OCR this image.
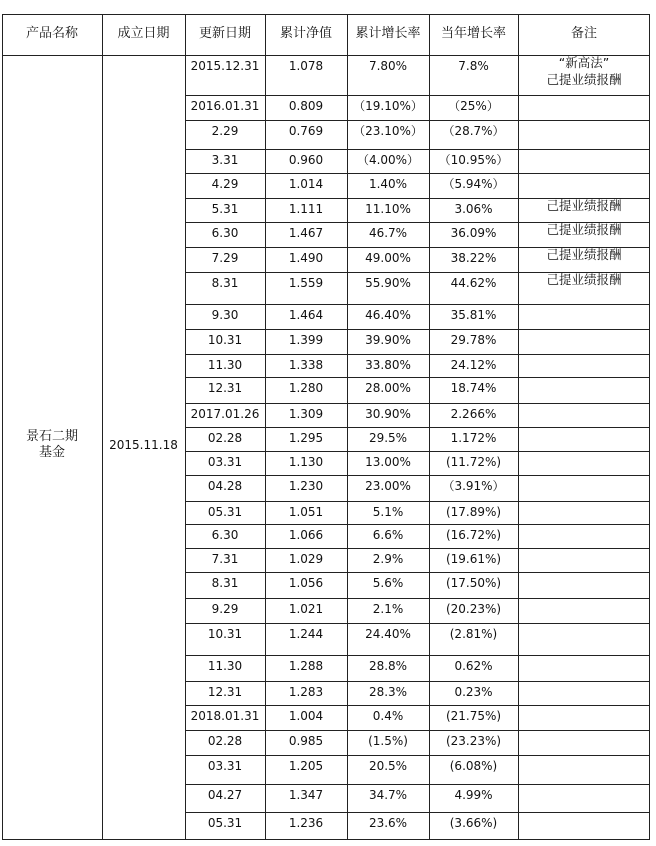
产品名称	成立日期	更新日期	累计净值	累计增长率	当年增长率	备注
景石二期
基金	2015.11.18
2015.12.31	1.078	7.80%	7.8%	“新高法”
己提业绩报酬
2016.01.31	0.809	（19.10%）	（25%）
2.29	0.769	（23.10%）	（28.7%）
3.31	0.960	（4.00%）	（10.95%）
4.29	1.014	1.40%	（5.94%）
5.31	1.111	11.10%	3.06%	己提业绩报酬
6.30	1.467	46.7%	36.09%	己提业绩报酬
7.29	1.490	49.00%	38.22%	己提业绩报酬
8.31	1.559	55.90%	44.62%	己提业绩报酬
9.30	1.464	46.40%	35.81%
10.31	1.399	39.90%	29.78%
11.30	1.338	33.80%	24.12%
12.31	1.280	28.00%	18.74%
2017.01.26	1.309	30.90%	2.266%
02.28	1.295	29.5%	1.172%
03.31	1.130	13.00%	(11.72%)
04.28	1.230	23.00%	（3.91%）
05.31	1.051	5.1%	(17.89%)
6.30	1.066	6.6%	(16.72%)
7.31	1.029	2.9%	(19.61%)
8.31	1.056	5.6%	(17.50%)
9.29	1.021	2.1%	(20.23%)
10.31	1.244	24.40%	(2.81%)
11.30	1.288	28.8%	0.62%
12.31	1.283	28.3%	0.23%
2018.01.31	1.004	0.4%	(21.75%)
02.28	0.985	(1.5%)	(23.23%)
03.31	1.205	20.5%	(6.08%)
04.27	1.347	34.7%	4.99%
05.31	1.236	23.6%	(3.66%)
